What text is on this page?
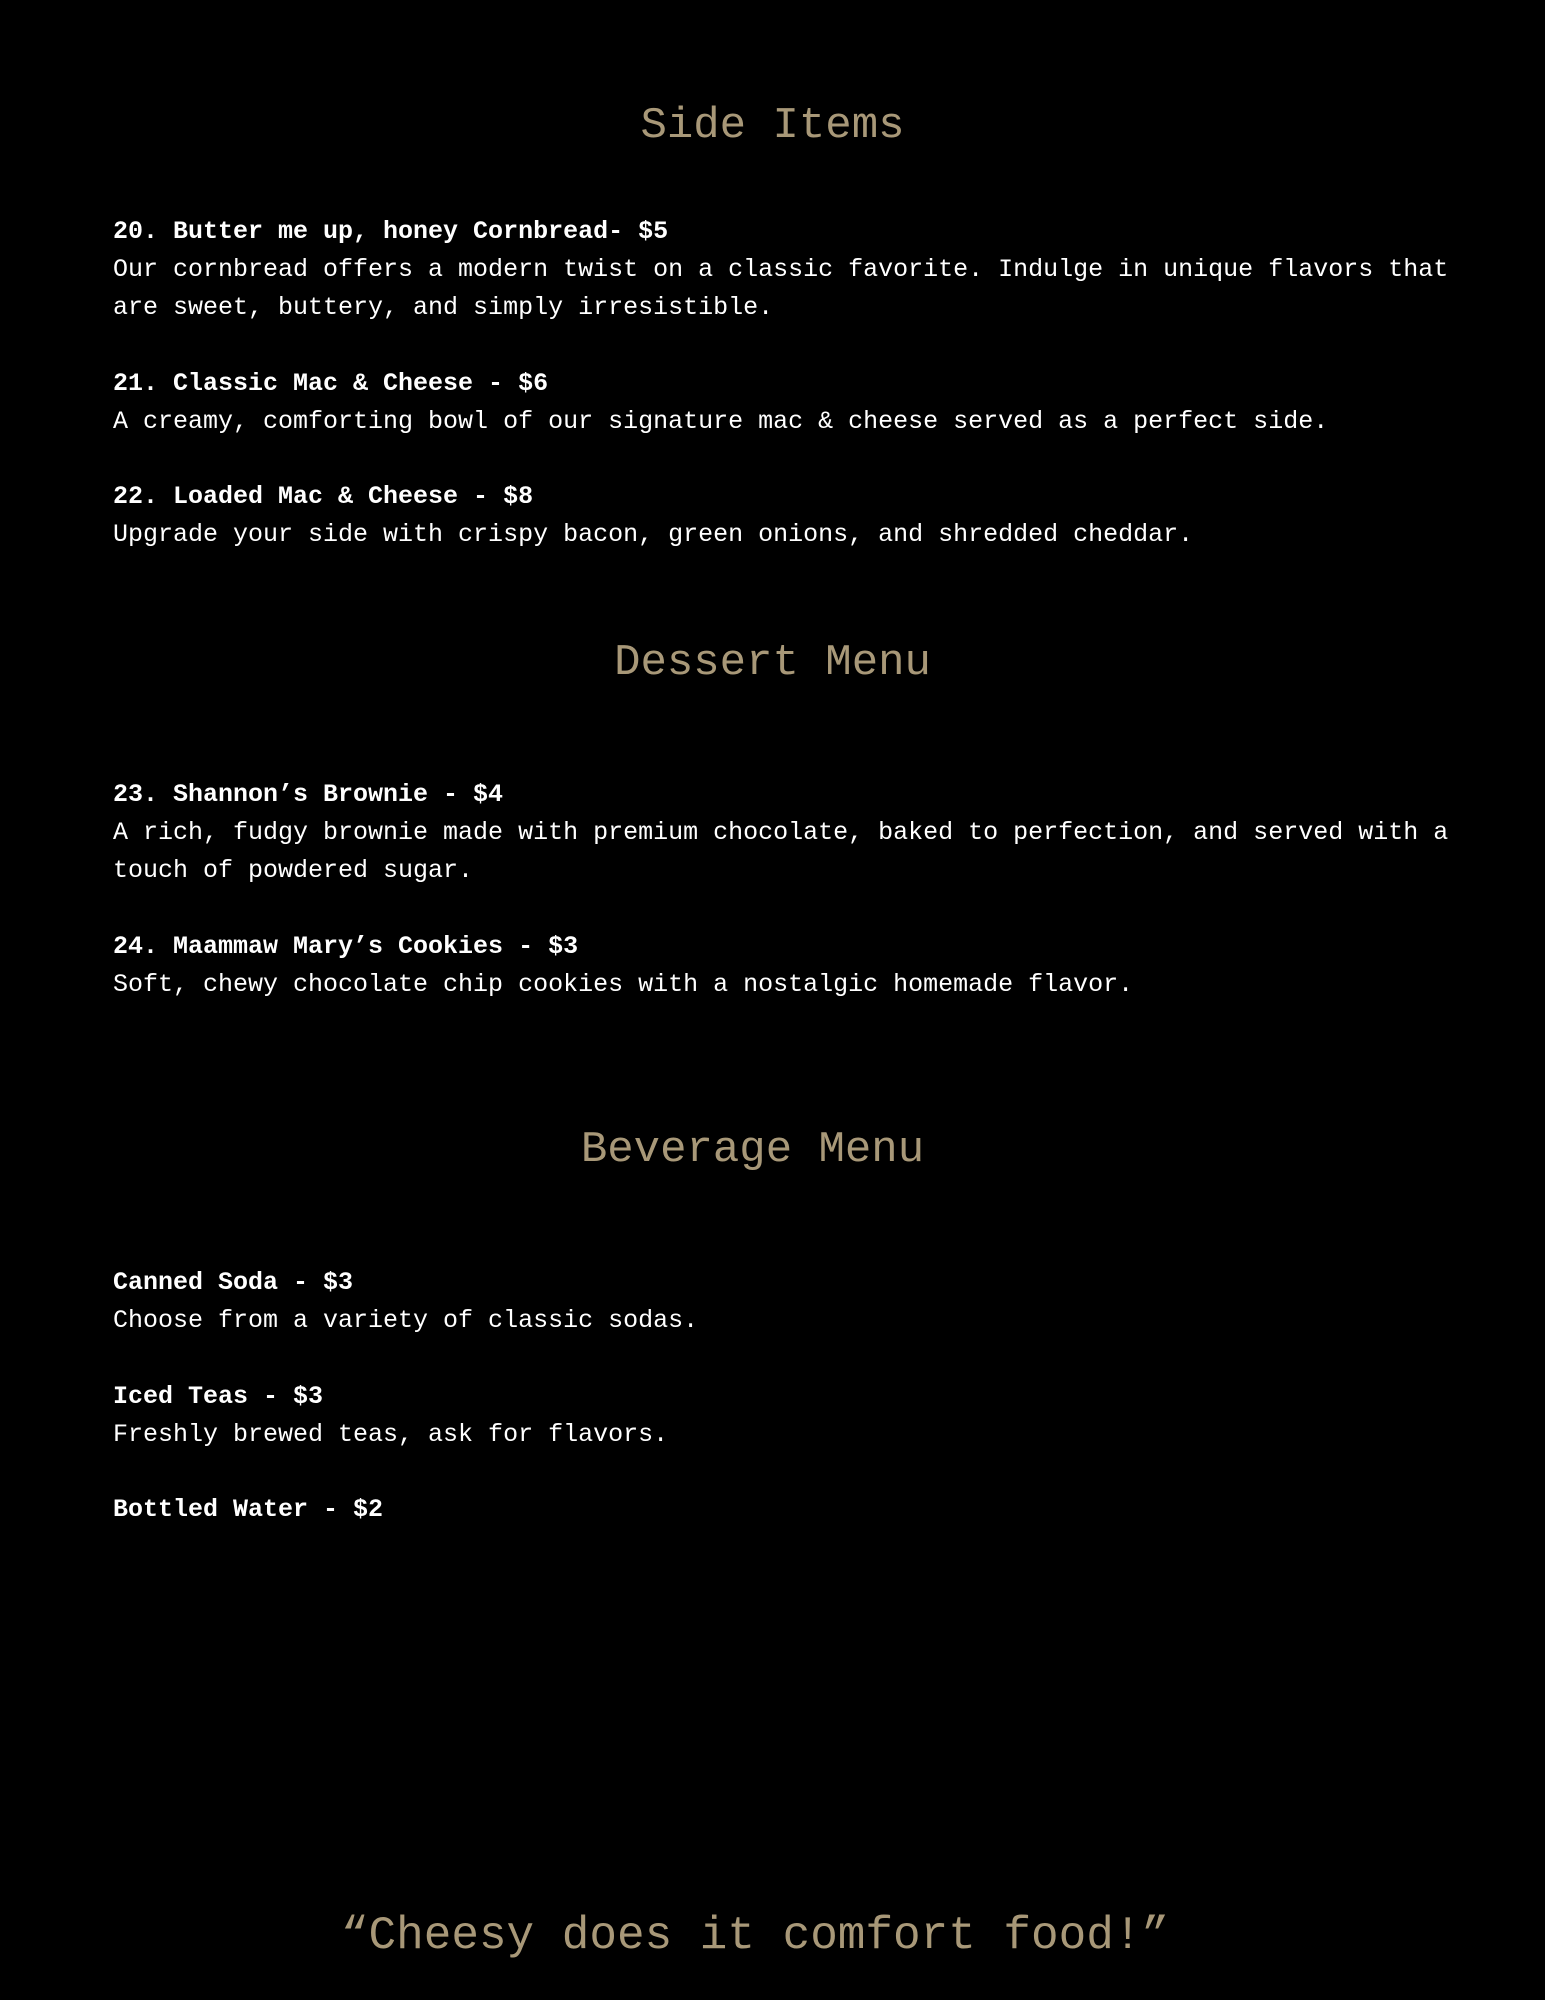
Side Items

20. Butter me up, honey Cornbread- $5

Our cornbread offers a modern twist on a classic favorite. Indulge in unique flavors that are sweet, buttery, and simply irresistible.

21. Classic Mac & Cheese - $6

A creamy, comforting bowl of our signature mac & cheese served as a perfect side.

22. Loaded Mac & Cheese - $8

Upgrade your side with crispy bacon, green onions, and shredded cheddar.

Dessert Menu

23. Shannon’s Brownie - $4

A rich, fudgy brownie made with premium chocolate, baked to perfection, and served with a touch of powdered sugar.

24. Maammaw Mary’s Cookies - $3

Soft, chewy chocolate chip cookies with a nostalgic homemade flavor.

Beverage Menu

Canned Soda - $3

Choose from a variety of classic sodas.

Iced Teas - $3

Freshly brewed teas, ask for flavors.

Bottled Water - $2

“Cheesy does it comfort food!”
